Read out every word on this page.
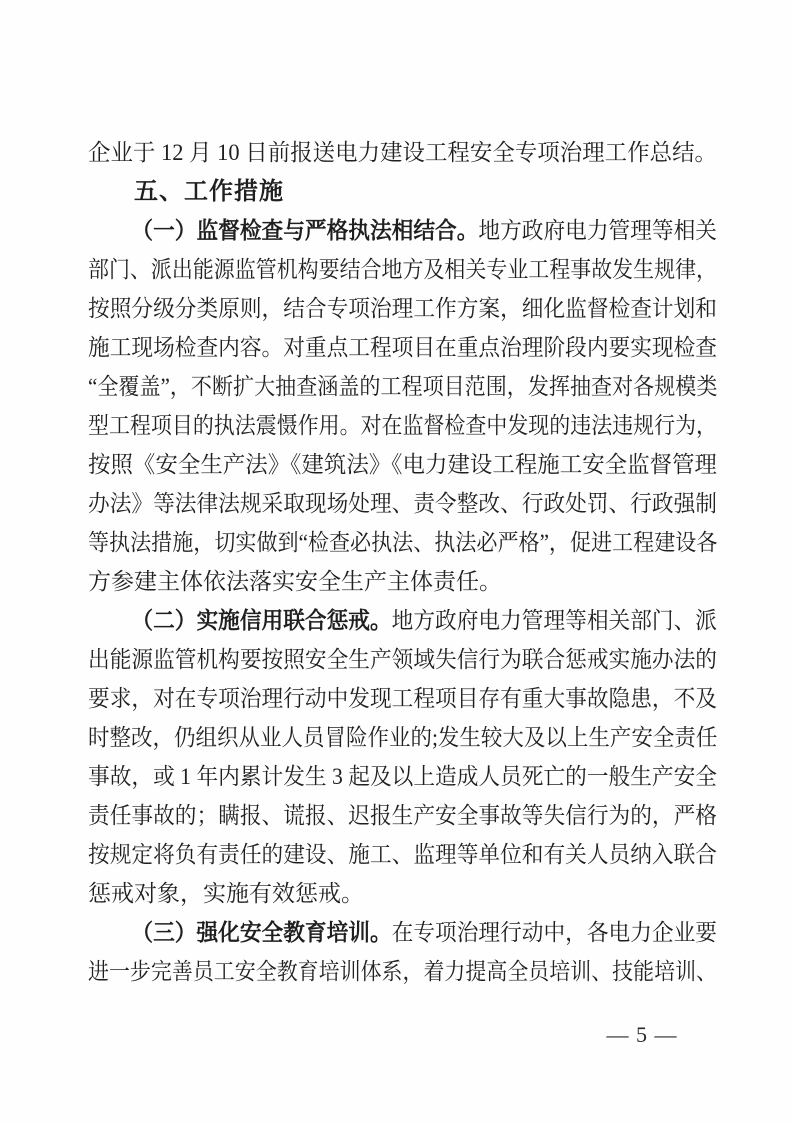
企业于 12 月 10 日前报送电力建设工程安全专项治理工作总结。
五、工作措施
（一）监督检查与严格执法相结合。地方政府电力管理等相关
部门、派出能源监管机构要结合地方及相关专业工程事故发生规律，
按照分级分类原则，结合专项治理工作方案，细化监督检查计划和
施工现场检查内容。对重点工程项目在重点治理阶段内要实现检查
“全覆盖”，不断扩大抽查涵盖的工程项目范围，发挥抽查对各规模类
型工程项目的执法震慑作用。对在监督检查中发现的违法违规行为，
按照《安全生产法》《建筑法》《电力建设工程施工安全监督管理
办法》等法律法规采取现场处理、责令整改、行政处罚、行政强制
等执法措施，切实做到“检查必执法、执法必严格”，促进工程建设各
方参建主体依法落实安全生产主体责任。
（二）实施信用联合惩戒。地方政府电力管理等相关部门、派
出能源监管机构要按照安全生产领域失信行为联合惩戒实施办法的
要求，对在专项治理行动中发现工程项目存有重大事故隐患，不及
时整改，仍组织从业人员冒险作业的;发生较大及以上生产安全责任
事故，或 1 年内累计发生 3 起及以上造成人员死亡的一般生产安全
责任事故的；瞒报、谎报、迟报生产安全事故等失信行为的，严格
按规定将负有责任的建设、施工、监理等单位和有关人员纳入联合
惩戒对象，实施有效惩戒。
（三）强化安全教育培训。在专项治理行动中，各电力企业要
进一步完善员工安全教育培训体系，着力提高全员培训、技能培训、
— 5 —
